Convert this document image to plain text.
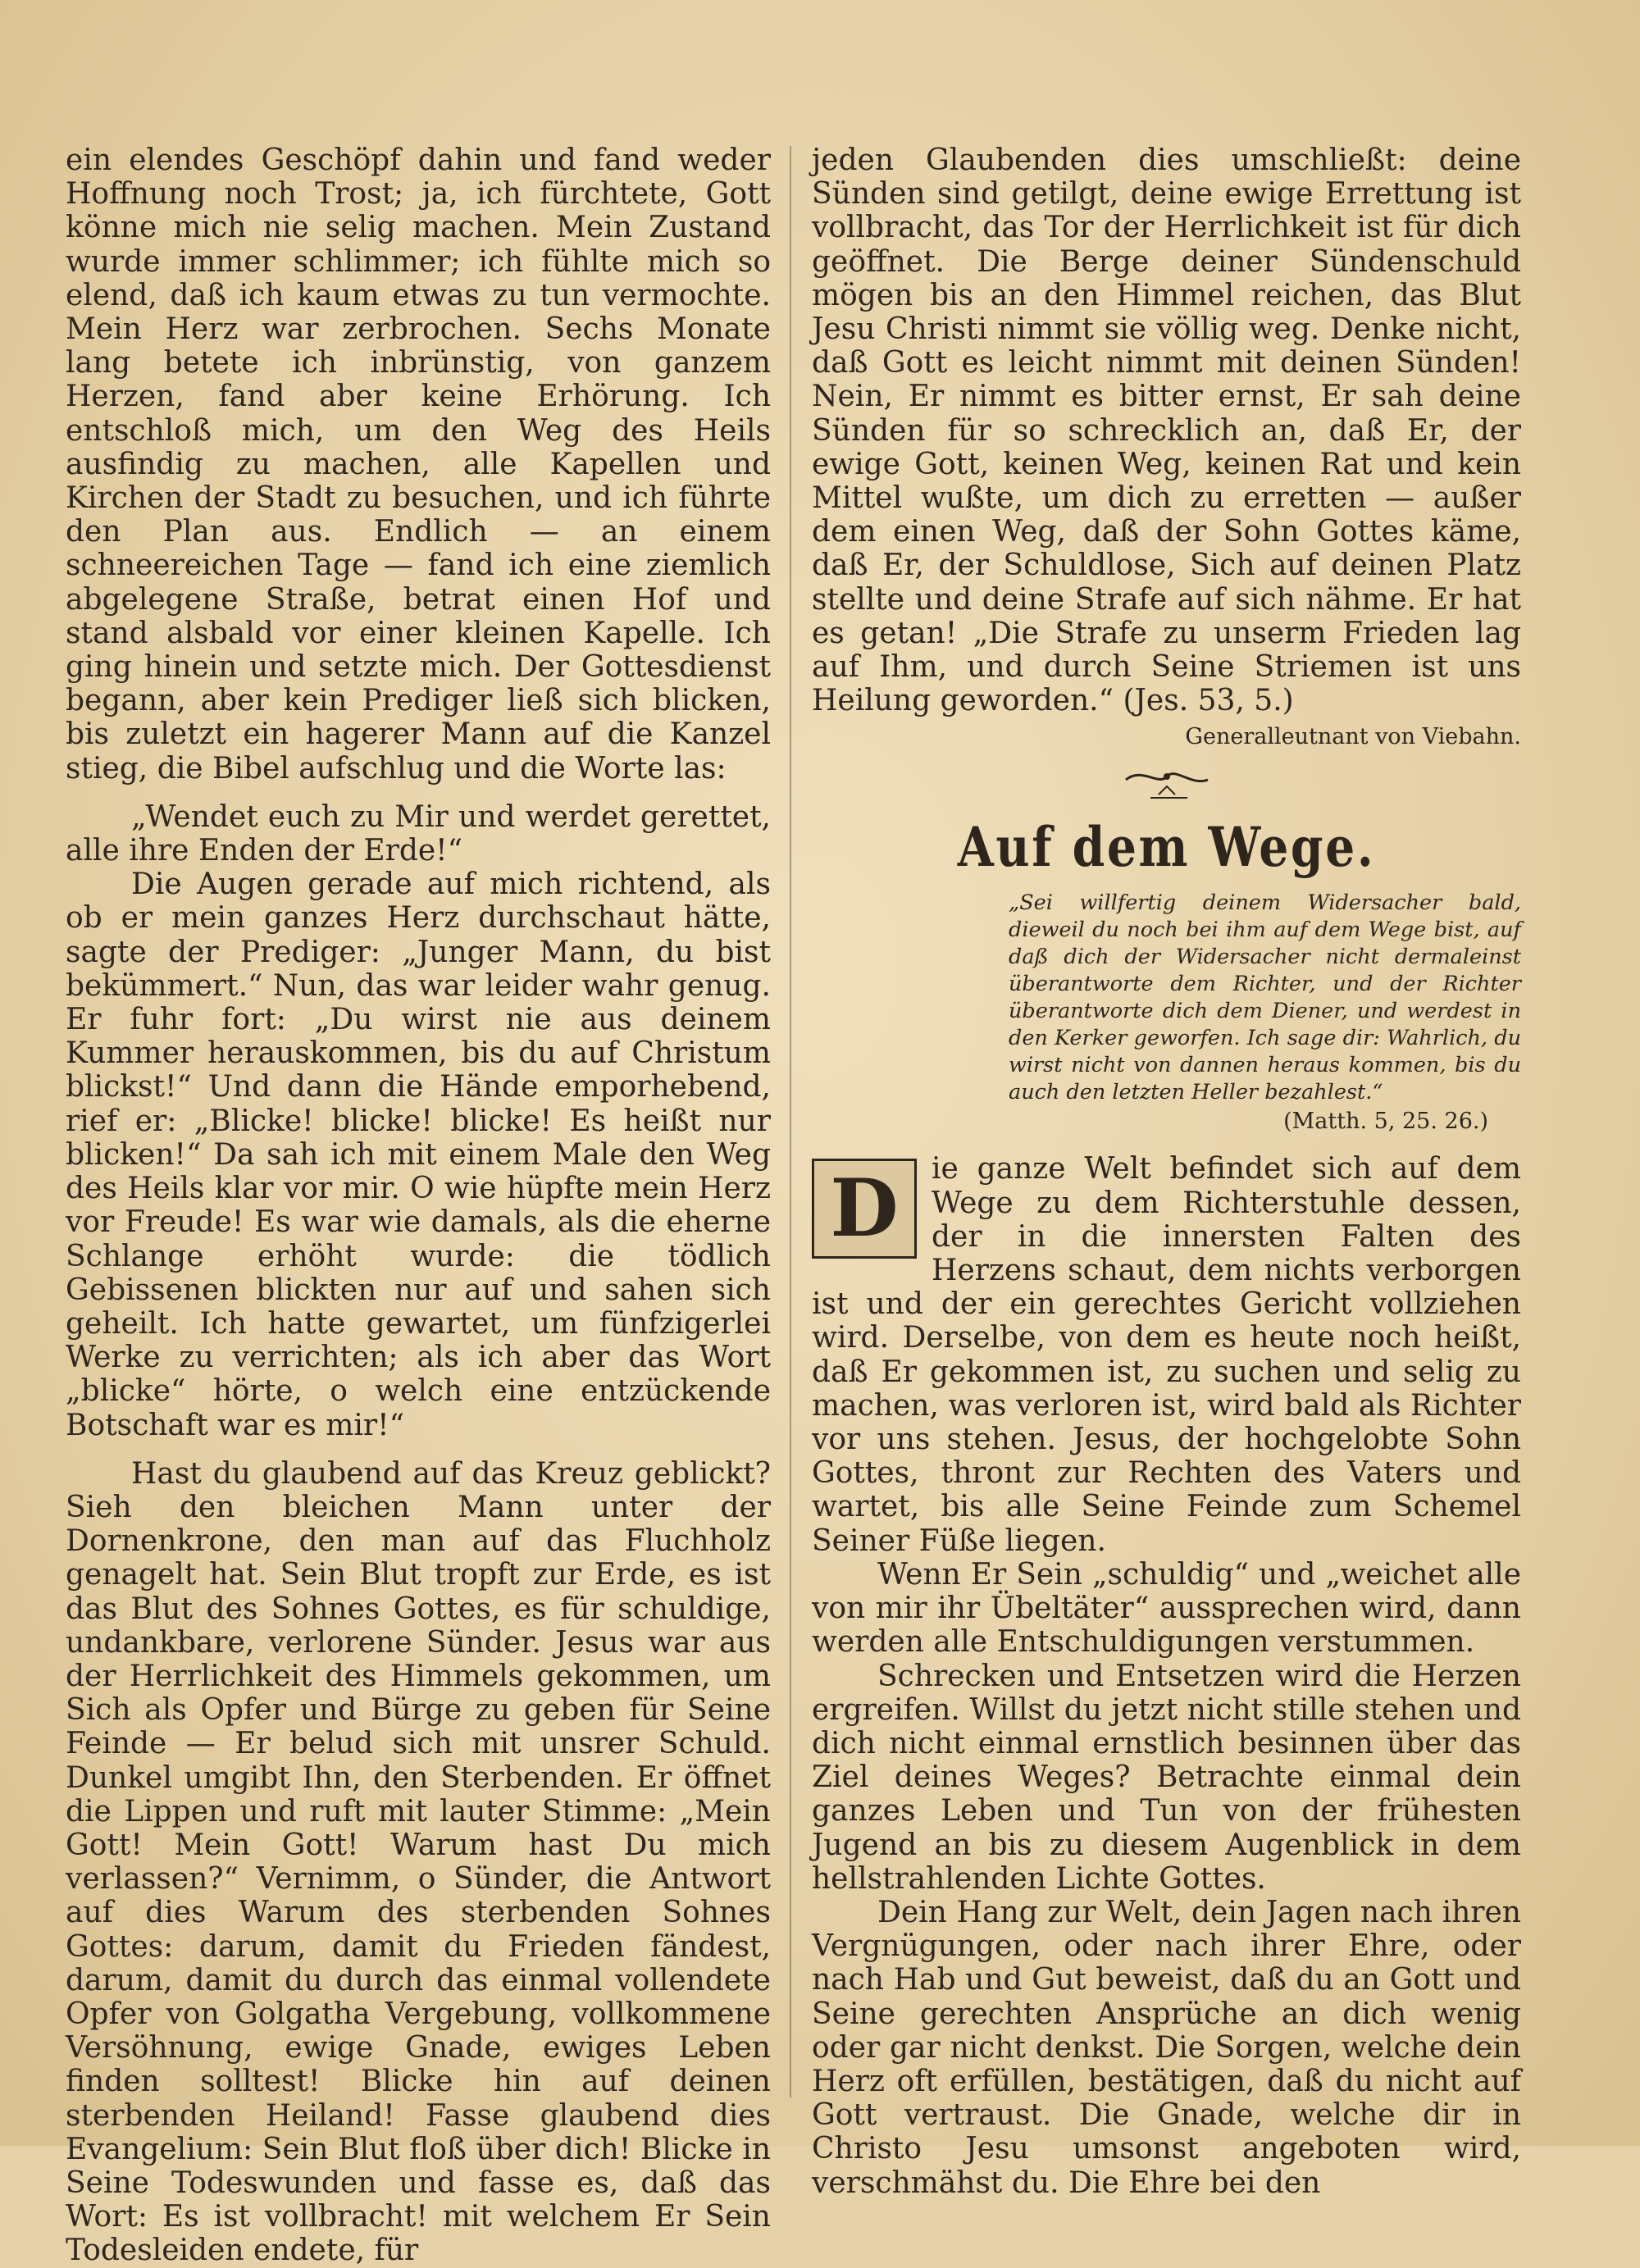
ein elendes Geschöpf dahin und fand weder Hoffnung noch Trost; ja, ich fürchtete, Gott könne mich nie selig machen. Mein Zustand wurde immer schlimmer; ich fühlte mich so elend, daß ich kaum etwas zu tun vermochte. Mein Herz war zerbrochen. Sechs Monate lang betete ich inbrünstig, von ganzem Herzen, fand aber keine Erhörung. Ich entschloß mich, um den Weg des Heils ausfindig zu machen, alle Kapellen und Kirchen der Stadt zu besuchen, und ich führte den Plan aus. Endlich — an einem schneereichen Tage — fand ich eine ziemlich abgelegene Straße, betrat einen Hof und stand alsbald vor einer kleinen Kapelle. Ich ging hinein und setzte mich. Der Gottesdienst begann, aber kein Prediger ließ sich blicken, bis zuletzt ein hagerer Mann auf die Kanzel stieg, die Bibel aufschlug und die Worte las:

„Wendet euch zu Mir und werdet gerettet, alle ihre Enden der Erde!“

Die Augen gerade auf mich richtend, als ob er mein ganzes Herz durchschaut hätte, sagte der Prediger: „Junger Mann, du bist bekümmert.“ Nun, das war leider wahr genug. Er fuhr fort: „Du wirst nie aus deinem Kummer herauskommen, bis du auf Christum blickst!“ Und dann die Hände emporhebend, rief er: „Blicke! blicke! blicke! Es heißt nur blicken!“ Da sah ich mit einem Male den Weg des Heils klar vor mir. O wie hüpfte mein Herz vor Freude! Es war wie damals, als die eherne Schlange erhöht wurde: die tödlich Gebissenen blickten nur auf und sahen sich geheilt. Ich hatte gewartet, um fünfzigerlei Werke zu verrichten; als ich aber das Wort „blicke“ hörte, o welch eine entzückende Botschaft war es mir!“

Hast du glaubend auf das Kreuz geblickt? Sieh den bleichen Mann unter der Dornenkrone, den man auf das Fluchholz genagelt hat. Sein Blut tropft zur Erde, es ist das Blut des Sohnes Gottes, es für schuldige, undankbare, verlorene Sünder. Jesus war aus der Herrlichkeit des Himmels gekommen, um Sich als Opfer und Bürge zu geben für Seine Feinde — Er belud sich mit unsrer Schuld. Dunkel umgibt Ihn, den Sterbenden. Er öffnet die Lippen und ruft mit lauter Stimme: „Mein Gott! Mein Gott! Warum hast Du mich verlassen?“ Vernimm, o Sünder, die Antwort auf dies Warum des sterbenden Sohnes Gottes: darum, damit du Frieden fändest, darum, damit du durch das einmal vollendete Opfer von Golgatha Vergebung, vollkommene Versöhnung, ewige Gnade, ewiges Leben finden solltest! Blicke hin auf deinen sterbenden Heiland! Fasse glaubend dies Evangelium: Sein Blut floß über dich! Blicke in Seine Todeswunden und fasse es, daß das Wort: Es ist vollbracht! mit welchem Er Sein Todesleiden endete, für

jeden Glaubenden dies umschließt: deine Sünden sind getilgt, deine ewige Errettung ist vollbracht, das Tor der Herrlichkeit ist für dich geöffnet. Die Berge deiner Sündenschuld mögen bis an den Himmel reichen, das Blut Jesu Christi nimmt sie völlig weg. Denke nicht, daß Gott es leicht nimmt mit deinen Sünden! Nein, Er nimmt es bitter ernst, Er sah deine Sünden für so schrecklich an, daß Er, der ewige Gott, keinen Weg, keinen Rat und kein Mittel wußte, um dich zu erretten — außer dem einen Weg, daß der Sohn Gottes käme, daß Er, der Schuldlose, Sich auf deinen Platz stellte und deine Strafe auf sich nähme. Er hat es getan! „Die Strafe zu unserm Frieden lag auf Ihm, und durch Seine Striemen ist uns Heilung geworden.“ (Jes. 53, 5.)

Generalleutnant von Viebahn.

Auf dem Wege.

„Sei willfertig deinem Widersacher bald, dieweil du noch bei ihm auf dem Wege bist, auf daß dich der Widersacher nicht dermaleinst überantworte dem Richter, und der Richter überantworte dich dem Diener, und werdest in den Kerker geworfen. Ich sage dir: Wahrlich, du wirst nicht von dannen heraus kommen, bis du auch den letzten Heller bezahlest.“

(Matth. 5, 25. 26.)

D	ie ganze Welt befindet sich auf dem Wege zu dem Richterstuhle dessen, der in die innersten Falten des Herzens schaut, dem nichts verborgen ist und der ein gerechtes Gericht vollziehen wird. Derselbe, von dem es heute noch heißt, daß Er gekommen ist, zu suchen und selig zu machen, was verloren ist, wird bald als Richter vor uns stehen. Jesus, der hochgelobte Sohn Gottes, thront zur Rechten des Vaters und wartet, bis alle Seine Feinde zum Schemel Seiner Füße liegen.

Wenn Er Sein „schuldig“ und „weichet alle von mir ihr Übeltäter“ aussprechen wird, dann werden alle Entschuldigungen verstummen.

Schrecken und Entsetzen wird die Herzen ergreifen. Willst du jetzt nicht stille stehen und dich nicht einmal ernstlich besinnen über das Ziel deines Weges? Betrachte einmal dein ganzes Leben und Tun von der frühesten Jugend an bis zu diesem Augenblick in dem hellstrahlenden Lichte Gottes.

Dein Hang zur Welt, dein Jagen nach ihren Vergnügungen, oder nach ihrer Ehre, oder nach Hab und Gut beweist, daß du an Gott und Seine gerechten Ansprüche an dich wenig oder gar nicht denkst. Die Sorgen, welche dein Herz oft erfüllen, bestätigen, daß du nicht auf Gott vertraust. Die Gnade, welche dir in Christo Jesu umsonst angeboten wird, verschmähst du. Die Ehre bei den
